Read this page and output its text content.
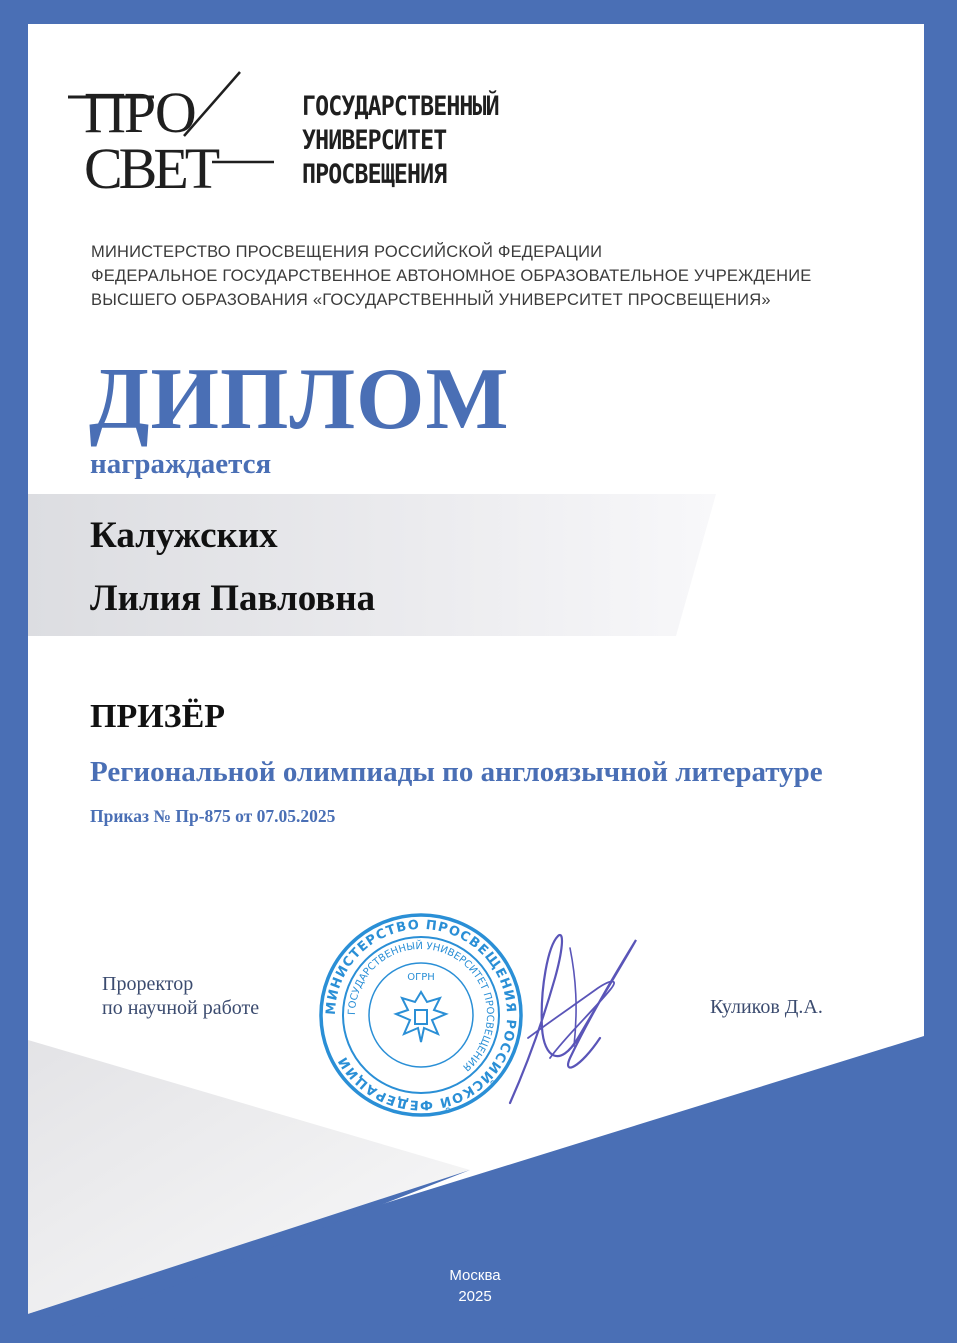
ПРО
СВЕТ
ГОСУДАРСТВЕННЫЙ
УНИВЕРСИТЕТ
ПРОСВЕЩЕНИЯ
МИНИСТЕРСТВО ПРОСВЕЩЕНИЯ РОССИЙСКОЙ ФЕДЕРАЦИИ
ФЕДЕРАЛЬНОЕ ГОСУДАРСТВЕННОЕ АВТОНОМНОЕ ОБРАЗОВАТЕЛЬНОЕ УЧРЕЖДЕНИЕ
ВЫСШЕГО ОБРАЗОВАНИЯ «ГОСУДАРСТВЕННЫЙ УНИВЕРСИТЕТ ПРОСВЕЩЕНИЯ»
ДИПЛОМ
награждается
Калужских
Лилия Павловна
ПРИЗЁР
Региональной олимпиады по англоязычной литературе
Приказ № Пр-875 от 07.05.2025
Проректор
по научной работе	МИНИСТЕРСТВО ПРОСВЕЩЕНИЯ РОССИЙСКОЙ ФЕДЕРАЦИИ
ГОСУДАРСТВЕННЫЙ УНИВЕРСИТЕТ ПРОСВЕЩЕНИЯ
ОГРН
Куликов Д.А.
Москва
2025
